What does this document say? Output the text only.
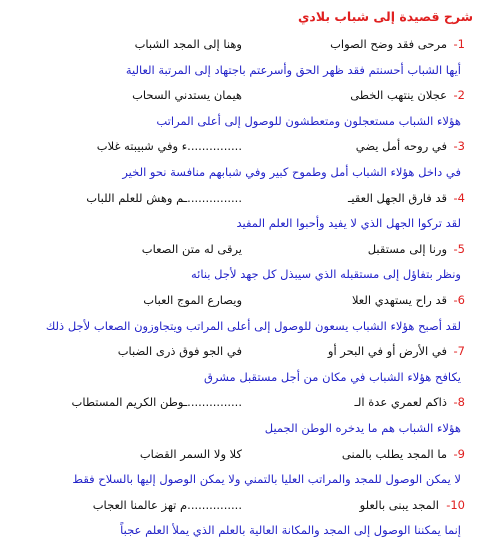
شرح قصيدة إلى شباب بلادي
1-
مرحى فقد وضح الصواب
وهنا إلى المجد الشباب
أيها الشباب أحسنتم فقد ظهر الحق وأسرعتم باجتهاد إلى المرتبة العالية
2-
عجلان ينتهب الخطى
هيمان يستدني السحاب
هؤلاء الشباب مستعجلون ومتعطشون للوصول إلى أعلى المراتب
3-
في روحه أمل يضي
...............ء وفي شبيبته غلاب
في داخل هؤلاء الشباب أمل وطموح كبير وفي شبابهم منافسة نحو الخير
4-
قد فارق الجهل العقيـ
...............ـم وهش للعلم اللباب
لقد تركوا الجهل الذي لا يفيد وأحبوا العلم المفيد
5-
ورنا إلى مستقبل
يرقى له متن الصعاب
ونظر بتفاؤل إلى مستقبله الذي سيبذل كل جهد لأجل بنائه
6-
قد راح يستهدي العلا
ويصارع الموج العباب
لقد أصبح هؤلاء الشباب يسعون للوصول إلى أعلى المراتب ويتجاوزون الصعاب لأجل ذلك
7-
في الأرض أو في البحر أو
في الجو فوق ذرى الضباب
يكافح هؤلاء الشباب في مكان من أجل مستقبل مشرق
8-
ذاكم لعمري عدة الـ
...............ـوطن الكريم المستطاب
هؤلاء الشباب هم ما يدخره الوطن الجميل
9-
ما المجد يطلب بالمنى
كلا ولا السمر القضاب
لا يمكن الوصول للمجد والمراتب العليا بالتمني ولا يمكن الوصول إليها بالسلاح فقط
10-
المجد يبنى بالعلو
...............م تهز عالمنا العجاب
إنما يمكننا الوصول إلى المجد والمكانة العالية بالعلم الذي يملأ العلم عجباً
